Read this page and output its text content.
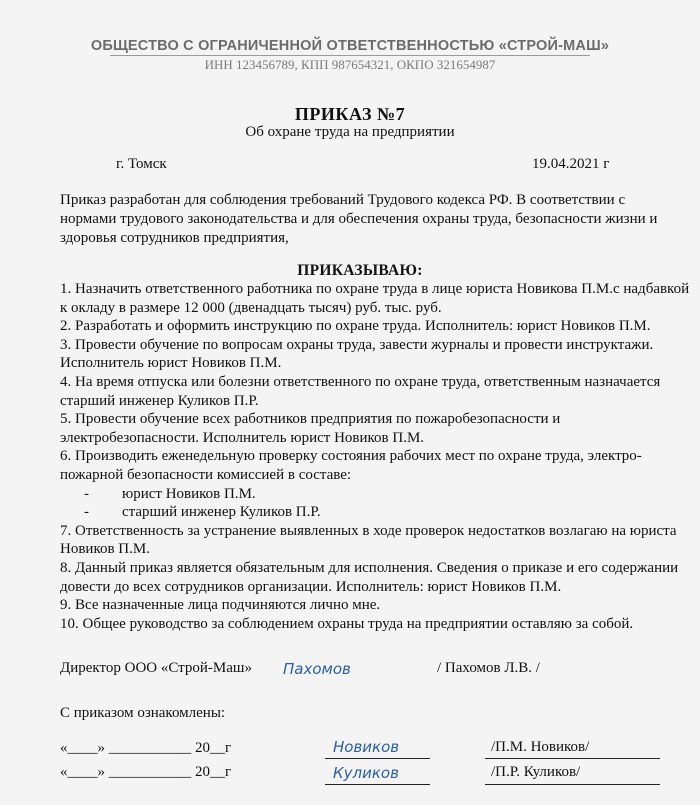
ОБЩЕСТВО С ОГРАНИЧЕННОЙ ОТВЕТСТВЕННОСТЬЮ «СТРОЙ-МАШ»
ИНН 123456789, КПП 987654321, ОКПО 321654987
ПРИКАЗ №7
Об охране труда на предприятии
г. Томск	19.04.2021 г
Приказ разработан для соблюдения требований Трудового кодекса РФ. В соответствии с нормами трудового законодательства и для обеспечения охраны труда, безопасности жизни и здоровья сотрудников предприятия,
ПРИКАЗЫВАЮ:

1. Назначить ответственного работника по охране труда в лице юриста Новикова П.М.с надбавкой к окладу в размере 12 000 (двенадцать тысяч) руб. тыс. руб.

2. Разработать и оформить инструкцию по охране труда. Исполнитель: юрист Новиков П.М.

3. Провести обучение по вопросам охраны труда, завести журналы и провести инструктажи. Исполнитель юрист Новиков П.М.

4. На время отпуска или болезни ответственного по охране труда, ответственным назначается старший инженер Куликов П.Р.

5. Провести обучение всех работников предприятия по пожаробезопасности и электробезопасности. Исполнитель юрист Новиков П.М.

6. Производить еженедельную проверку состояния рабочих мест по охране труда, электро-пожарной безопасности комиссией в составе:

- юрист Новиков П.М.

- старший инженер Куликов П.Р.

7. Ответственность за устранение выявленных в ходе проверок недостатков возлагаю на юриста Новиков П.М.

8. Данный приказ является обязательным для исполнения. Сведения о приказе и его содержании довести до всех сотрудников организации. Исполнитель: юрист Новиков П.М.

9. Все назначенные лица подчиняются лично мне.

10. Общее руководство за соблюдением охраны труда на предприятии оставляю за собой.

Директор ООО «Строй-Маш» Пахомов	/ Пахомов Л.В. /
С приказом ознакомлены:
«____» ___________ 20__г	Новиков	/П.М. Новиков/
«____» ___________ 20__г	Куликов	/П.Р. Куликов/
